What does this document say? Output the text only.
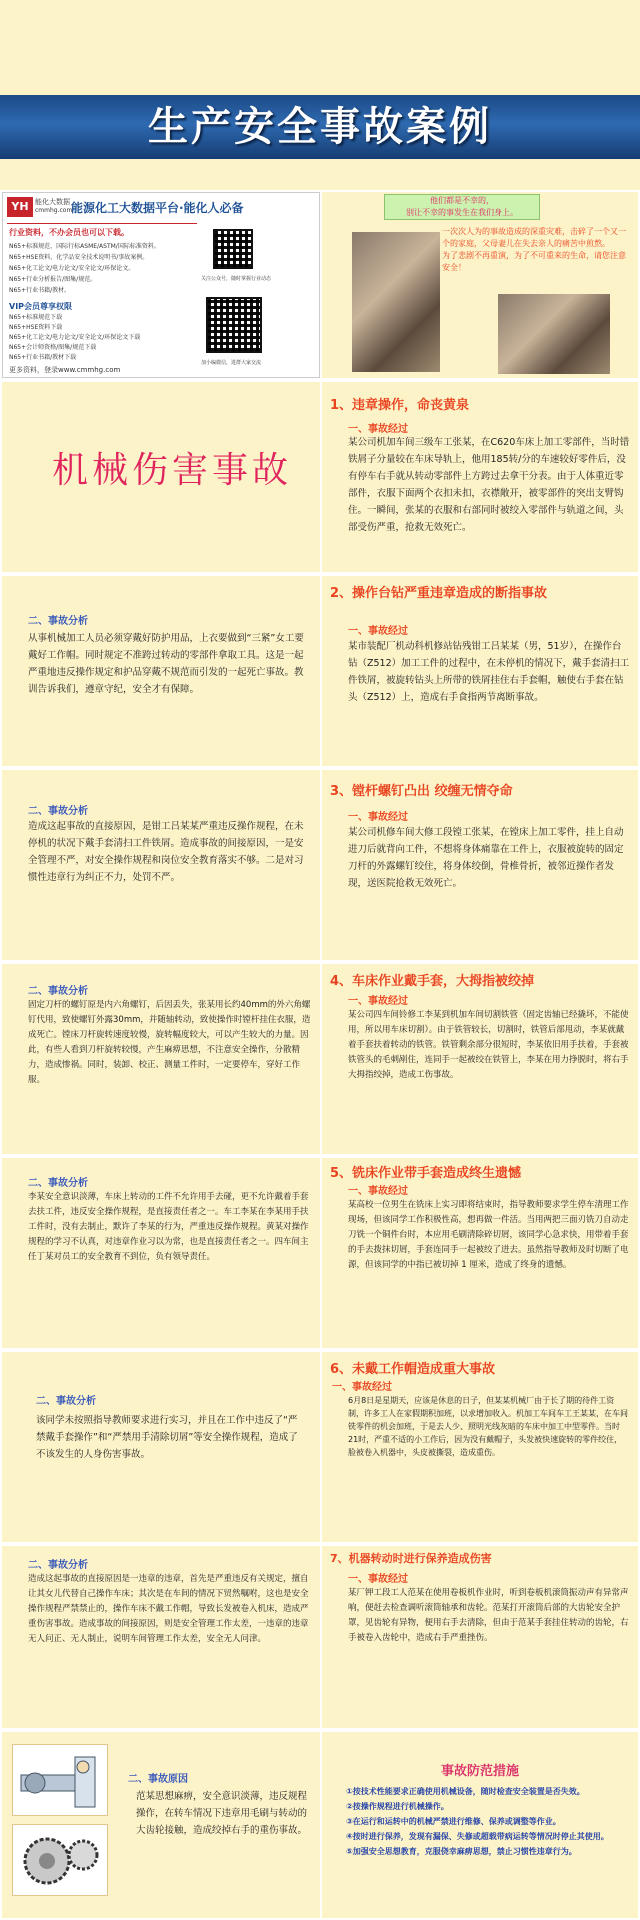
生产安全事故案例
YH 能化大数据
cmmhg.com
能源化工大数据平台·能化人必备
行业资料，不办会员也可以下载。
N65+标准规范、国际行标ASME/ASTM/国际标准资料。
N65+HSE资料、化学品安全技术说明书/事故案例。
N65+化工论文/电力论文/安全论文/环保论文。
N65+行业分析报告/图集/规范。
N65+行业书籍/教材。
VIP会员尊享权限
N65+标准规范下载
N65+HSE资料下载
N65+化工论文/电力论文/安全论文/环保论文下载
N65+会计师资格/图集/规范下载
N65+行业书籍/教材下载
更多资料，登录www.cmmhg.com
关注公众号，随时掌握行业动态
加小编微信，进群大家交流
他们都是不幸的，
别让不幸的事发生在我们身上。
一次次人为的事故造成的深重灾难，击碎了一个又一个的家庭，父母妻儿在失去亲人的痛苦中煎熬。
为了悲剧不再重演，为了不可重来的生命，请您注意安全！
机械伤害事故
1、违章操作，命丧黄泉
一、事故经过
某公司机加车间三级车工张某，在C620车床上加工零部件，当时错铁屑子分量较在车床导轨上，他用185转/分的车速较好零件后，没有停车右手就从转动零部件上方跨过去拿干分表。由于人体重近零部件，衣服下面两个衣扣未扣，衣襟敞开，被零部件的突出支臂钩住。一瞬间，张某的衣服和右部同时被绞入零部件与轨道之间，头部受伤严重，抢救无效死亡。
二、事故分析
从事机械加工人员必须穿戴好防护用品，上衣要做到“三紧”女工要戴好工作帽。同时规定不准跨过转动的零部件拿取工具。这是一起严重地违反操作规定和护品穿戴不规范而引发的一起死亡事故。教训告诉我们，遵章守纪，安全才有保障。
2、操作台钻严重违章造成的断指事故
一、事故经过
某市装配厂机动科机修站钻残钳工吕某某（男，51岁），在操作台钻（Z512）加工工件的过程中，在未停机的情况下，戴手套清扫工件铁屑，被旋转钻头上所带的铁屑挂住右手套帽，触使右手套在钻头（Z512）上，造成右手食指两节离断事故。
二、事故分析
造成这起事故的直接原因，是钳工吕某某严重违反操作规程，在未停机的状况下戴手套清扫工件铁屑。造成事故的间接原因，一是安全管理不严，对安全操作规程和岗位安全教育落实不够。二是对习惯性违章行为纠正不力，处罚不严。
3、镗杆螺钉凸出 绞缠无情夺命
一、事故经过
某公司机修车间大修工段镗工张某，在镗床上加工零件，挂上自动进刀后就背向工件，不想将身体痛靠在工件上，衣服被旋转的固定刀杆的外露螺钉绞住，将身体绞倒，骨椎骨折，被邻近操作者发现，送医院抢救无效死亡。
二、事故分析
固定刀杆的螺钉原是内六角螺钉，后因丢失，张某用长约40mm的外六角螺钉代用，致使螺钉外露30mm，并随轴转动，致使操作时镗杆挂住衣服，造成死亡。镗床刀杆旋转速度较慢，旋转幅度较大，可以产生较大的力量。因此，有些人看到刀杆旋转较慢，产生麻痹思想，不注意安全操作，分散精力，造成惨祸。同时，装卸、校正、测量工件时，一定要停车，穿好工作服。
4、车床作业戴手套，大拇指被绞掉
一、事故经过
某公司四车间铃修工李某到机加车间切割铁管（固定齿轴已经撬坏，不能使用，所以用车床切割）。由于铁管较长，切割时，铁管后部甩动，李某就戴着手套扶着转动的铁管。铁管剩余部分很短时，李某依旧用手扶着，手套被铁管头的毛刺剐住，连同手一起被绞在铁管上，李某在用力挣脱时，将右手大拇指绞掉，造成工伤事故。
二、事故分析
李某安全意识淡薄，车床上转动的工件不允许用手去碰，更不允许戴着手套去扶工件，违反安全操作规程，是直接责任者之一。车工李某在李某用手扶工件时，没有去制止，默许了李某的行为，严重违反操作规程。黄某对操作规程的学习不认真，对违章作业习以为常，也是直接责任者之一。四车间主任丁某对员工的安全教育不到位，负有领导责任。
5、铣床作业带手套造成终生遗憾
一、事故经过
某高校一位男生在铣床上实习即将结束时，指导教师要求学生停车清理工作现场，但该同学工作积极性高，想再做一件活。当用两把三面刃铣刀自动走刀铣一个铜件台时，本应用毛刷清除碎切屑，该同学心急求快，用带着手套的手去拨抹切屑，手套连同手一起被绞了进去。虽然指导教师及时切断了电源，但该同学的中指已被切掉 1 厘米，造成了终身的遗憾。
二、事故分析
该同学未按照指导教师要求进行实习，并且在工作中违反了“严禁戴手套操作”和“严禁用手清除切屑”等安全操作规程，造成了不该发生的人身伤害事故。
6、未戴工作帽造成重大事故
一、事故经过
6月8日是星期天，应该是休息的日子，但某某机械厂由于长了期的待件工资制，许多工人在家假期积加班，以求增加收入。机加工车间车工王某某，在车间铣零件的机会加班，于是去人少、照明光线灰暗的车床中加工中型零件。当时21时，严重不适的小工作后，因为没有戴帽子，头发被快速旋转的零件绞住，脸被卷入机器中，头皮被撕裂，造成重伤。
二、事故分析
造成这起事故的直接原因是一违章的违章，首先是严重违反有关规定，擅自让其女儿代替自己操作车床；其次是在车间的情况下贸然嘱咐，这也是安全操作规程严禁禁止的，操作车床不戴工作帽，导致长发被卷入机床，造成严重伤害事故。造成事故的间接原因，则是安全管理工作太差，一违章的违章无人问正、无人制止，说明车间管理工作太差，安全无人问津。
7、机器转动时进行保养造成伤害
一、事故经过
某厂钾工段工人范某在使用卷板机作业时，听到卷板机滚筒振动声有异常声响，便赶去检查调听滚筒轴承和齿轮。范某打开滚筒后部的大齿轮安全护罩，见齿轮有异物，便用右手去清除，但由于范某手套挂住转动的齿轮，右手被卷入齿轮中，造成右手严重挫伤。
二、事故原因
范某思想麻痹，安全意识淡薄，违反规程操作，在转车情况下违章用毛刷与转动的大齿轮接触，造成绞掉右手的重伤事故。
事故防范措施
①按技术性能要求正确使用机械设备，随时检查安全装置是否失效。
②按操作规程进行机械操作。
③在运行和运转中的机械严禁进行维修、保养或调整等作业。
④按时进行保养，发现有漏保、失修或超载带病运转等情况时停止其使用。
⑤加强安全思想教育，克服侥幸麻痹思想，禁止习惯性违章行为。
